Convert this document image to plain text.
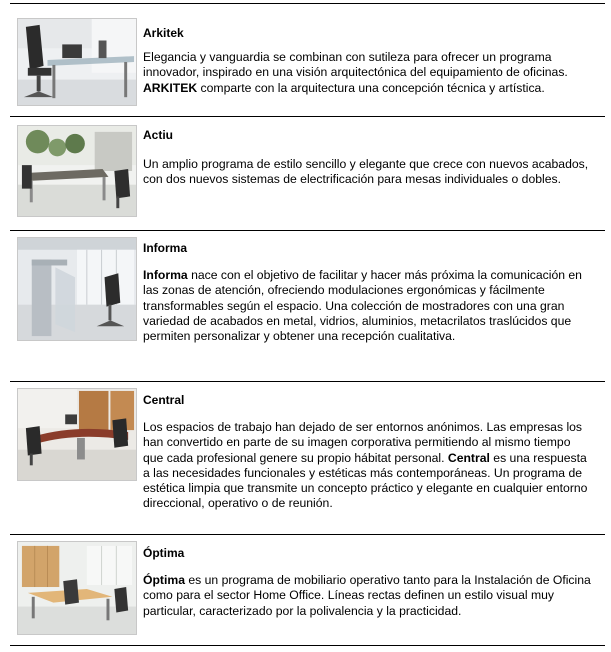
Arkitek

Elegancia y vanguardia se combinan con sutileza para ofrecer un programa innovador, inspirado en una visión arquitectónica del equipamiento de oficinas. ARKITEK comparte con la arquitectura una concepción técnica y artística.

Actiu

Un amplio programa de estilo sencillo y elegante que crece con nuevos acabados, con dos nuevos sistemas de electrificación para mesas individuales o dobles.

Informa

Informa nace con el objetivo de facilitar y hacer más próxima la comunicación en las zonas de atención, ofreciendo modulaciones ergonómicas y fácilmente transformables según el espacio. Una colección de mostradores con una gran variedad de acabados en metal, vidrios, aluminios, metacrilatos traslúcidos que permiten personalizar y obtener una recepción cualitativa.

Central

Los espacios de trabajo han dejado de ser entornos anónimos. Las empresas los han convertido en parte de su imagen corporativa permitiendo al mismo tiempo que cada profesional genere su propio hábitat personal. Central es una respuesta a las necesidades funcionales y estéticas más contemporáneas. Un programa de estética limpia que transmite un concepto práctico y elegante en cualquier entorno direccional, operativo o de reunión.

Óptima

Óptima es un programa de mobiliario operativo tanto para la Instalación de Oficina como para el sector Home Office. Líneas rectas definen un estilo visual muy particular, caracterizado por la polivalencia y la practicidad.
